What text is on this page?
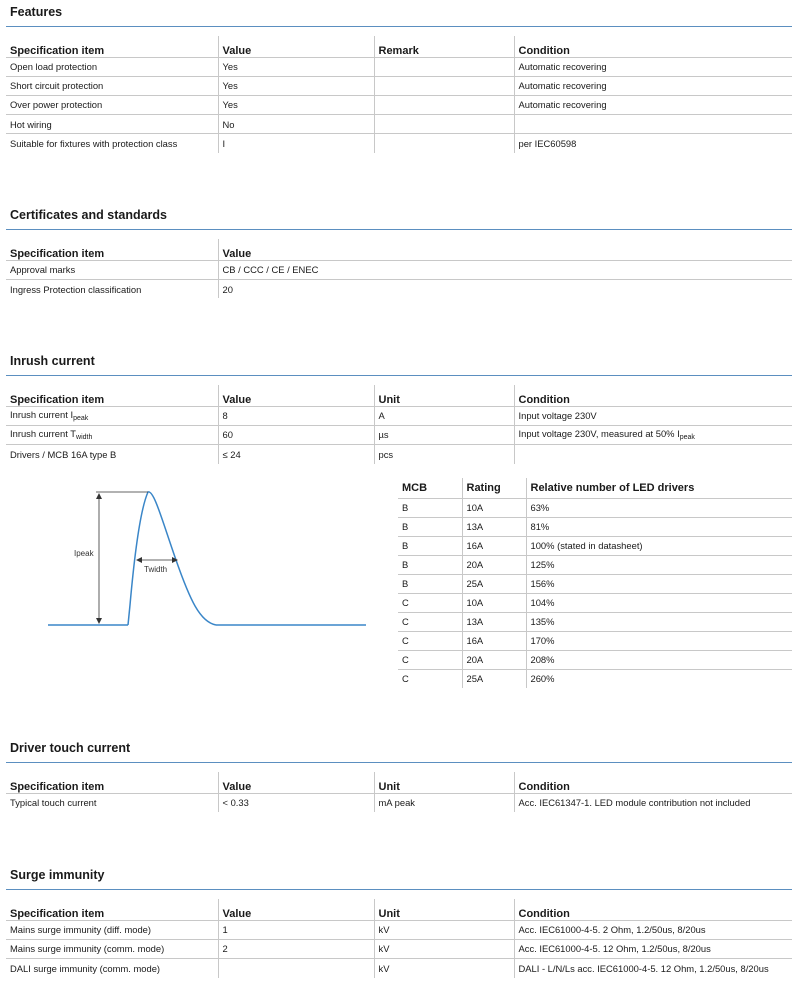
Features
Specification item	Value	Remark	Condition
Open load protection	Yes		Automatic recovering
Short circuit protection	Yes		Automatic recovering
Over power protection	Yes		Automatic recovering
Hot wiring	No		
Suitable for fixtures with protection class	I		per IEC60598
Certificates and standards
Specification item	Value
Approval marks	CB / CCC / CE / ENEC
Ingress Protection classification	20
Inrush current
Specification item	Value	Unit	Condition
Inrush current $I_{peak}$	8	A	Input voltage 230V
Inrush current $T_{width}$	60	µs	Input voltage 230V, measured at 50% $I_{peak}$
Drivers / MCB 16A type B	≤ 24	pcs	
Ipeak
Twidth
MCB	Rating	Relative number of LED drivers
B	10A	63%
B	13A	81%
B	16A	100% (stated in datasheet)
B	20A	125%
B	25A	156%
C	10A	104%
C	13A	135%
C	16A	170%
C	20A	208%
C	25A	260%
Driver touch current
Specification item	Value	Unit	Condition
Typical touch current	< 0.33	mA peak	Acc. IEC61347-1. LED module contribution not included
Surge immunity
Specification item	Value	Unit	Condition
Mains surge immunity (diff. mode)	1	kV	Acc. IEC61000-4-5. 2 Ohm, 1.2/50us, 8/20us
Mains surge immunity (comm. mode)	2	kV	Acc. IEC61000-4-5. 12 Ohm, 1.2/50us, 8/20us
DALI surge immunity (comm. mode)		kV	DALI - L/N/Ls acc. IEC61000-4-5. 12 Ohm, 1.2/50us, 8/20us
